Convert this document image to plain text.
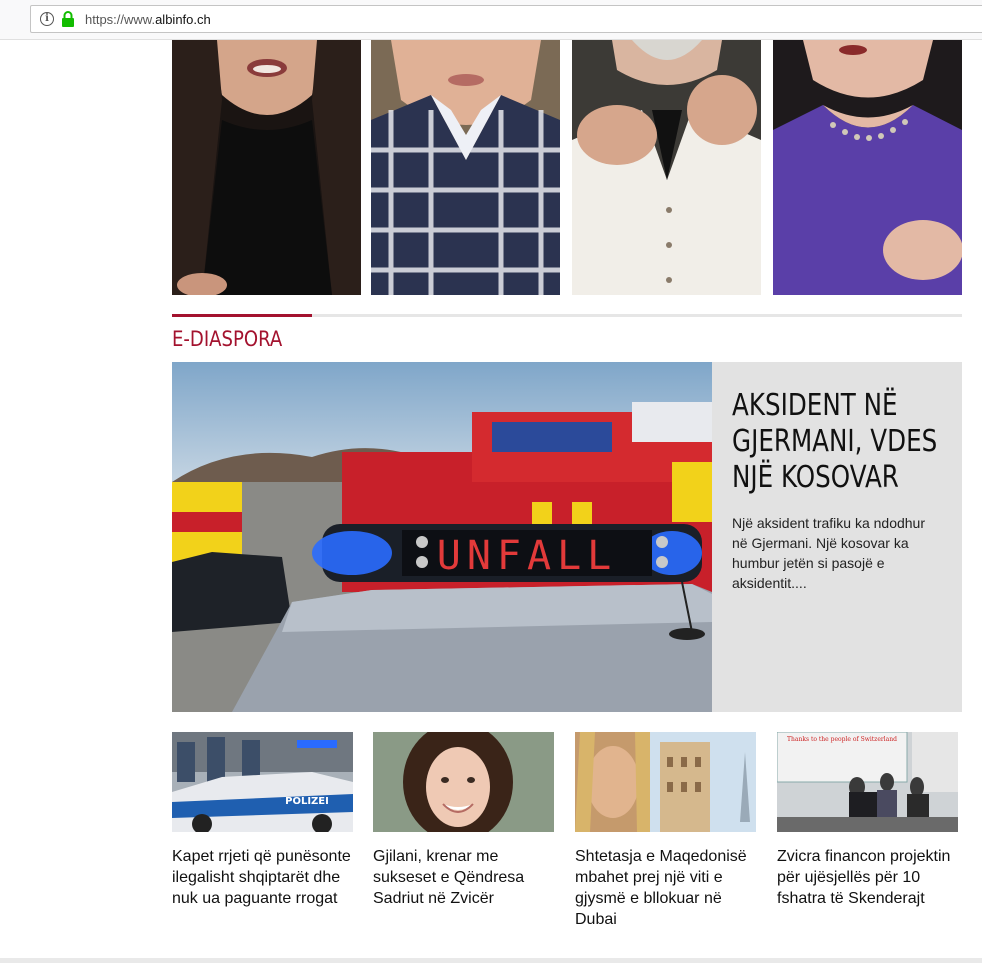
i	https://www.albinfo.ch
E-DIASPORA
UNFALL
AKSIDENT NË GJERMANI, VDES NJË KOSOVAR
Një aksident trafiku ka ndodhur në Gjermani. Një kosovar ka humbur jetën si pasojë e aksidentit....
POLIZEI
Kapet rrjeti që punësonte ilegalisht shqiptarët dhe nuk ua paguante rrogat
Gjilani, krenar me sukseset e Qëndresa Sadriut në Zvicër
Shtetasja e Maqedonisë mbahet prej një viti e gjysmë e bllokuar në Dubai
Thanks to the people of Switzerland
Zvicra financon projektin për ujësjellës për 10 fshatra të Skenderajt
